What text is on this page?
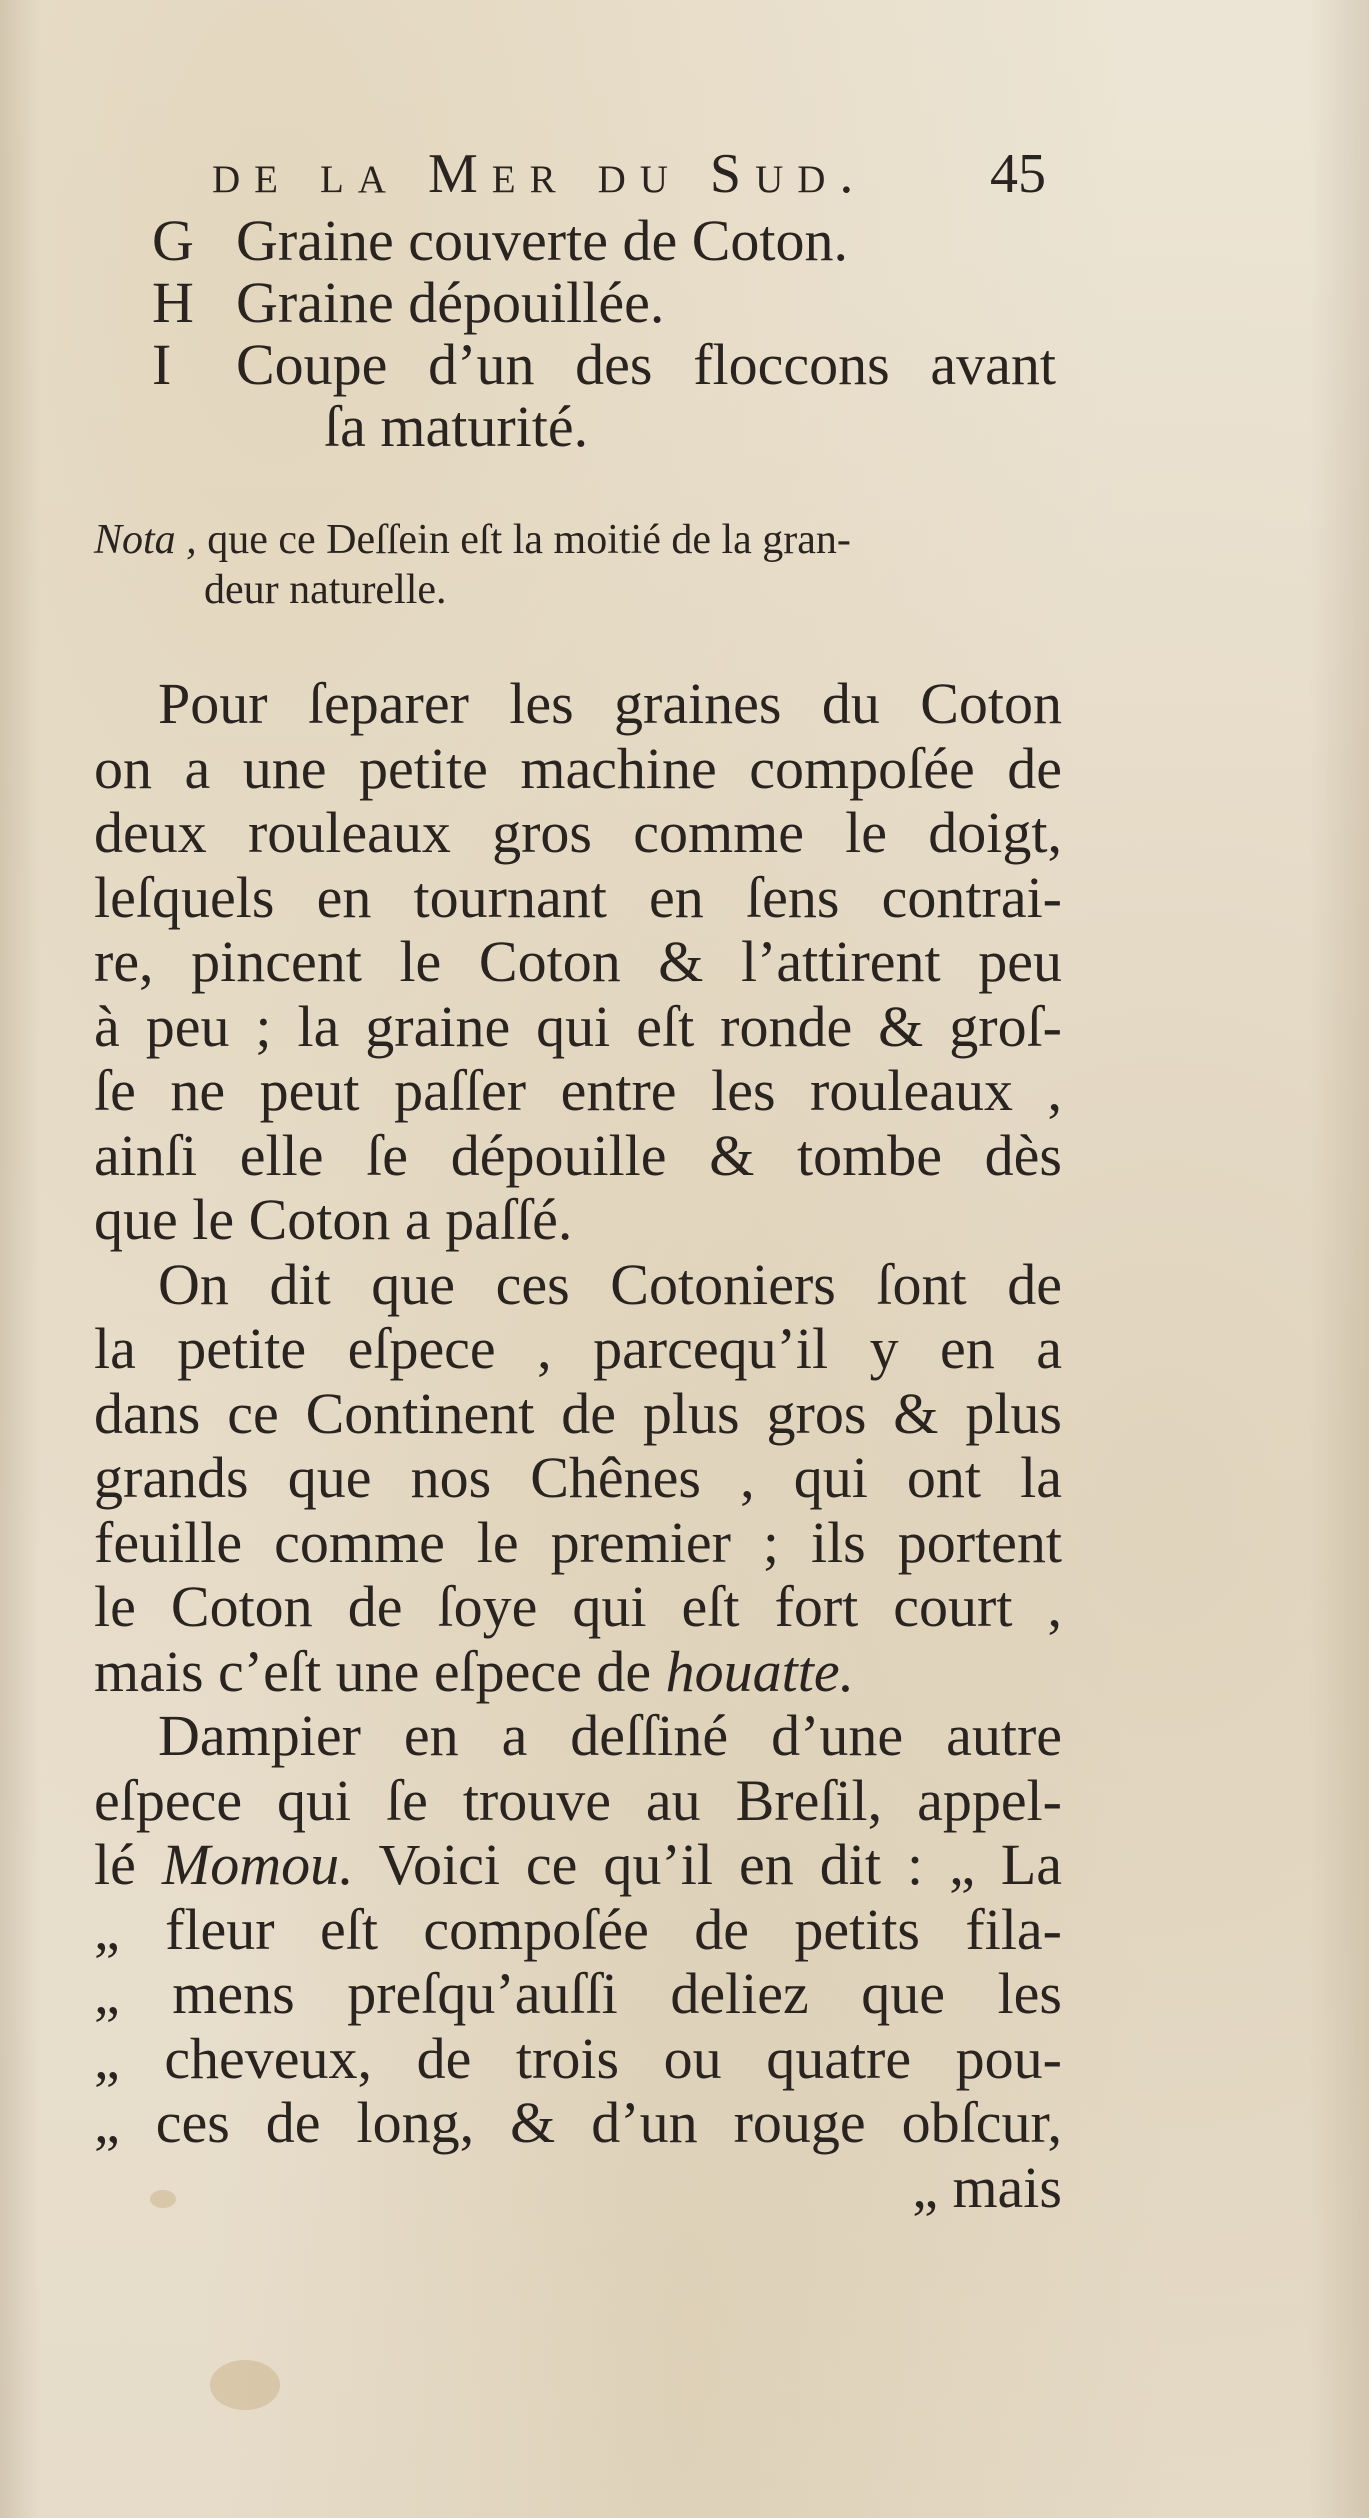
de la Mer du Sud. 45
G Graine couverte de Coton.
H Graine dépouillée.
I	Coupe d’un des floccons avant
ſa maturité.
Nota , que ce Deſſein eſt la moitié de la gran-
deur naturelle.
Pour ſeparer les graines du Coton
on a une petite machine compoſée de
deux rouleaux gros comme le doigt,
leſquels en tournant en ſens contrai-
re, pincent le Coton & l’attirent peu
à peu ; la graine qui eſt ronde & groſ-
ſe ne peut paſſer entre les rouleaux ,
ainſi elle ſe dépouille & tombe dès
que le Coton a paſſé.
On dit que ces Cotoniers ſont de
la petite eſpece , parcequ’il y en a
dans ce Continent de plus gros & plus
grands que nos Chênes , qui ont la
feuille comme le premier ; ils portent
le Coton de ſoye qui eſt fort court ,
mais c’eſt une eſpece de houatte.
Dampier en a deſſiné d’une autre
eſpece qui ſe trouve au Breſil, appel-
lé Momou. Voici ce qu’il en dit : „ La
„ fleur eſt compoſée de petits fila-
„ mens preſqu’auſſi deliez que les
„ cheveux, de trois ou quatre pou-
„ ces de long, & d’un rouge obſcur,
„ mais
